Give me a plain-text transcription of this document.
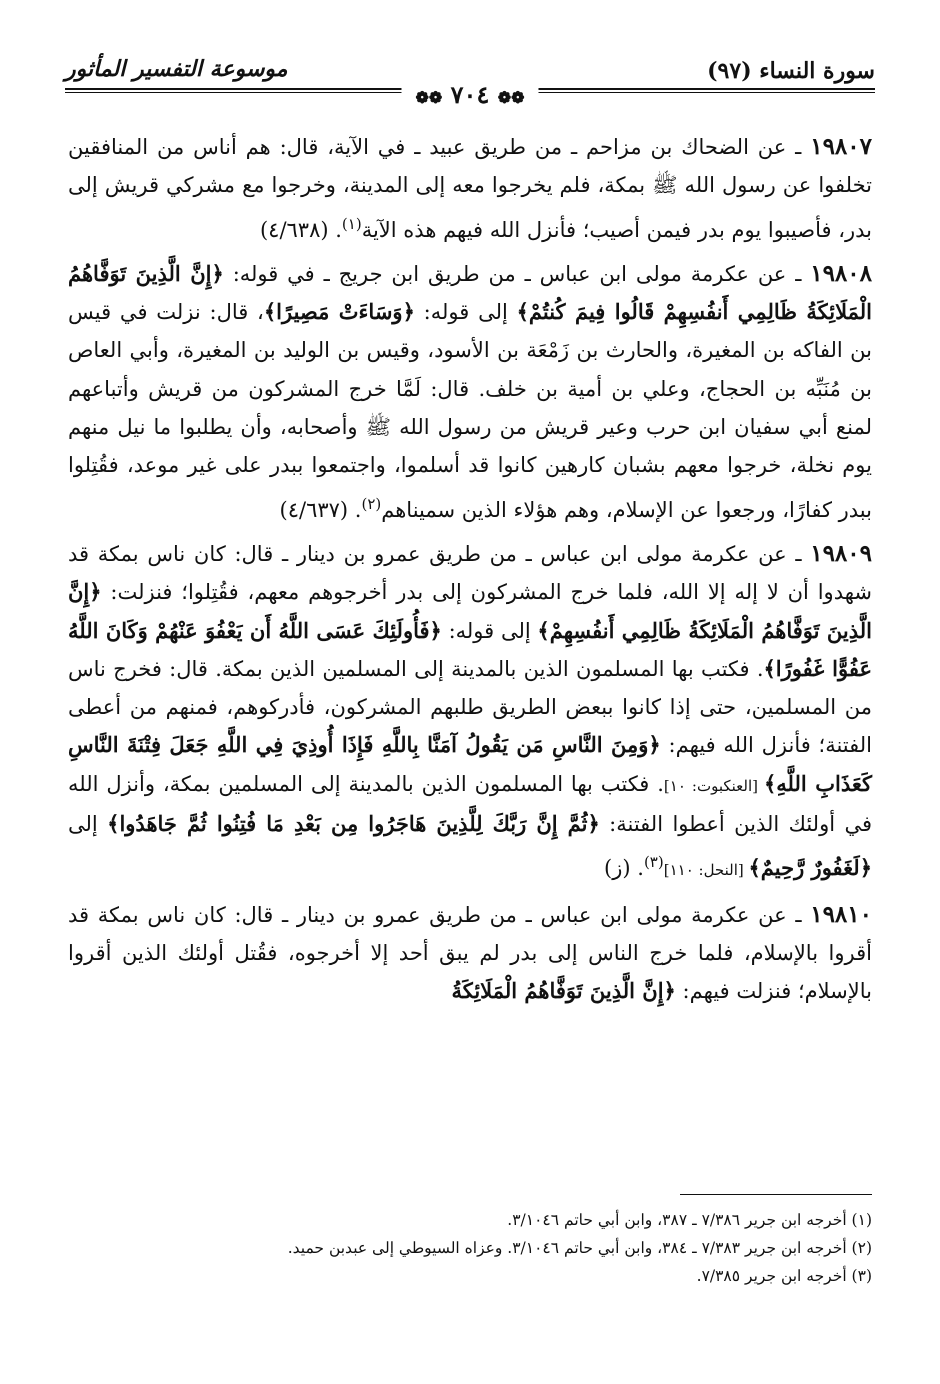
سورة النساء (٩٧)
موسوعة التفسير المأثور
❁❁ ٧٠٤ ❁❁

١٩٨٠٧ ـ عن الضحاك بن مزاحم ـ من طريق عبيد ـ في الآية، قال: هم أناس من المنافقين تخلفوا عن رسول الله ﷺ بمكة، فلم يخرجوا معه إلى المدينة، وخرجوا مع مشركي قريش إلى بدر، فأصيبوا يوم بدر فيمن أصيب؛ فأنزل الله فيهم هذه الآية$^{(١)}$. (٤/٦٣٨)

١٩٨٠٨ ـ عن عكرمة مولى ابن عباس ـ من طريق ابن جريج ـ في قوله: ﴿إِنَّ الَّذِينَ تَوَفَّاهُمُ الْمَلَائِكَةُ ظَالِمِي أَنفُسِهِمْ قَالُوا فِيمَ كُنتُمْ﴾ إلى قوله: ﴿وَسَاءَتْ مَصِيرًا﴾، قال: نزلت في قيس بن الفاكه بن المغيرة، والحارث بن زَمْعَة بن الأسود، وقيس بن الوليد بن المغيرة، وأبي العاص بن مُنَبِّه بن الحجاج، وعلي بن أمية بن خلف. قال: لَمَّا خرج المشركون من قريش وأتباعهم لمنع أبي سفيان ابن حرب وعير قريش من رسول الله ﷺ وأصحابه، وأن يطلبوا ما نيل منهم يوم نخلة، خرجوا معهم بشبان كارهين كانوا قد أسلموا، واجتمعوا ببدر على غير موعد، فقُتِلوا ببدر كفارًا، ورجعوا عن الإسلام، وهم هؤلاء الذين سميناهم$^{(٢)}$. (٤/٦٣٧)

١٩٨٠٩ ـ عن عكرمة مولى ابن عباس ـ من طريق عمرو بن دينار ـ قال: كان ناس بمكة قد شهدوا أن لا إله إلا الله، فلما خرج المشركون إلى بدر أخرجوهم معهم، فقُتِلوا؛ فنزلت: ﴿إِنَّ الَّذِينَ تَوَفَّاهُمُ الْمَلَائِكَةُ ظَالِمِي أَنفُسِهِمْ﴾ إلى قوله: ﴿فَأُولَئِكَ عَسَى اللَّهُ أَن يَعْفُوَ عَنْهُمْ وَكَانَ اللَّهُ عَفُوًّا غَفُورًا﴾. فكتب بها المسلمون الذين بالمدينة إلى المسلمين الذين بمكة. قال: فخرج ناس من المسلمين، حتى إذا كانوا ببعض الطريق طلبهم المشركون، فأدركوهم، فمنهم من أعطى الفتنة؛ فأنزل الله فيهم: ﴿وَمِنَ النَّاسِ مَن يَقُولُ آمَنَّا بِاللَّهِ فَإِذَا أُوذِيَ فِي اللَّهِ جَعَلَ فِتْنَةَ النَّاسِ كَعَذَابِ اللَّهِ﴾ [العنكبوت: ١٠]. فكتب بها المسلمون الذين بالمدينة إلى المسلمين بمكة، وأنزل الله في أولئك الذين أعطوا الفتنة: ﴿ثُمَّ إِنَّ رَبَّكَ لِلَّذِينَ هَاجَرُوا مِن بَعْدِ مَا فُتِنُوا ثُمَّ جَاهَدُوا﴾ إلى ﴿لَغَفُورٌ رَّحِيمٌ﴾ [النحل: ١١٠]$^{(٣)}$. (ز)

١٩٨١٠ ـ عن عكرمة مولى ابن عباس ـ من طريق عمرو بن دينار ـ قال: كان ناس بمكة قد أقروا بالإسلام، فلما خرج الناس إلى بدر لم يبق أحد إلا أخرجوه، فقُتل أولئك الذين أقروا بالإسلام؛ فنزلت فيهم: ﴿إِنَّ الَّذِينَ تَوَفَّاهُمُ الْمَلَائِكَةُ

(١) أخرجه ابن جرير ٧/٣٨٦ ـ ٣٨٧، وابن أبي حاتم ٣/١٠٤٦.
(٢) أخرجه ابن جرير ٧/٣٨٣ ـ ٣٨٤، وابن أبي حاتم ٣/١٠٤٦. وعزاه السيوطي إلى عبدبن حميد.
(٣) أخرجه ابن جرير ٧/٣٨٥.
